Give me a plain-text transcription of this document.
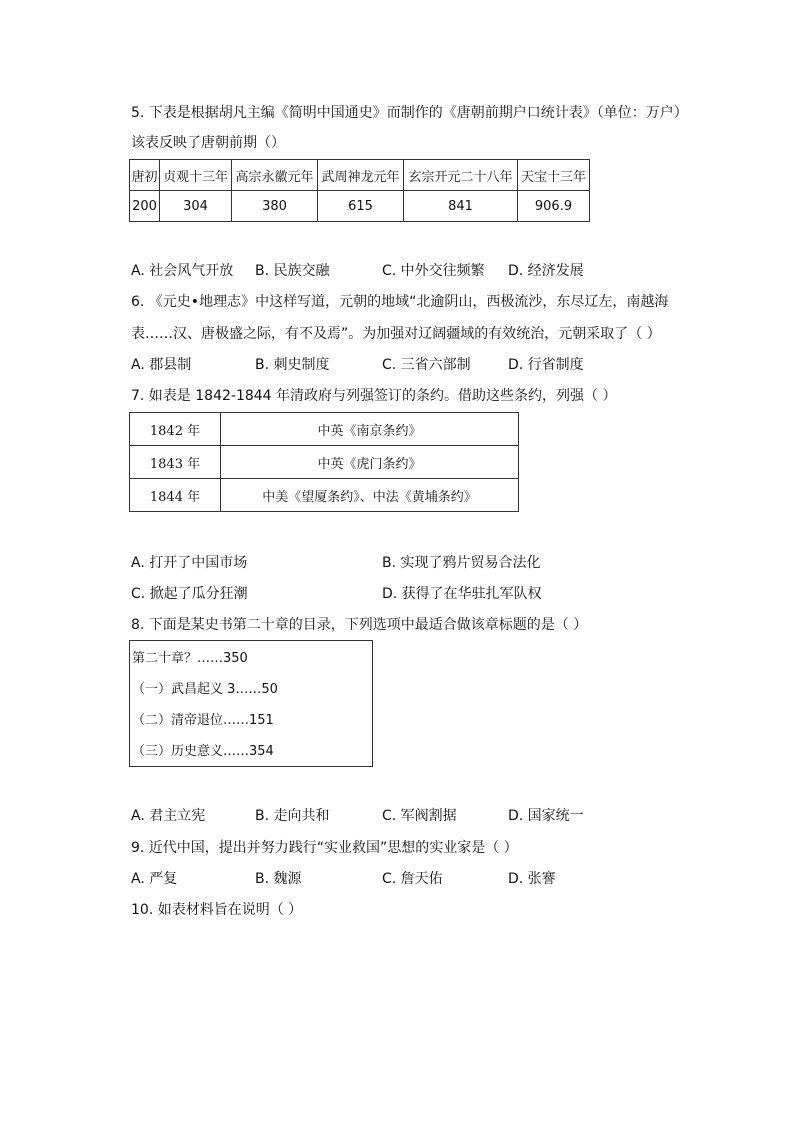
5. 下表是根据胡凡主编《简明中国通史》而制作的《唐朝前期户口统计表》（单位：万户）
该表反映了唐朝前期（）
唐初	贞观十三年	高宗永徽元年	武周神龙元年	玄宗开元二十八年	天宝十三年
200	304	380	615	841	906.9
A. 社会风气开放 B. 民族交融	C. 中外交往频繁 D. 经济发展
6. 《元史•地理志》中这样写道，元朝的地域“北逾阴山，西极流沙，东尽辽左，南越海
表……汉、唐极盛之际，有不及焉”。为加强对辽阔疆域的有效统治，元朝采取了（ ）
A. 郡县制	B. 刺史制度	C. 三省六部制	D. 行省制度
7. 如表是 1842-1844 年清政府与列强签订的条约。借助这些条约，列强（ ）
1842 年	中英《南京条约》
1843 年	中英《虎门条约》
1844 年	中美《望厦条约》、中法《黄埔条约》
A. 打开了中国市场	B. 实现了鸦片贸易合法化
C. 掀起了瓜分狂潮	D. 获得了在华驻扎军队权
8. 下面是某史书第二十章的目录，下列选项中最适合做该章标题的是（ ）
第二十章？……350
（一）武昌起义 3……50
（二）清帝退位……151
（三）历史意义……354
A. 君主立宪	B. 走向共和	C. 军阀割据	D. 国家统一
9. 近代中国，提出并努力践行“实业救国”思想的实业家是（ ）
A. 严复	B. 魏源	C. 詹天佑	D. 张謇
10. 如表材料旨在说明（ ）
